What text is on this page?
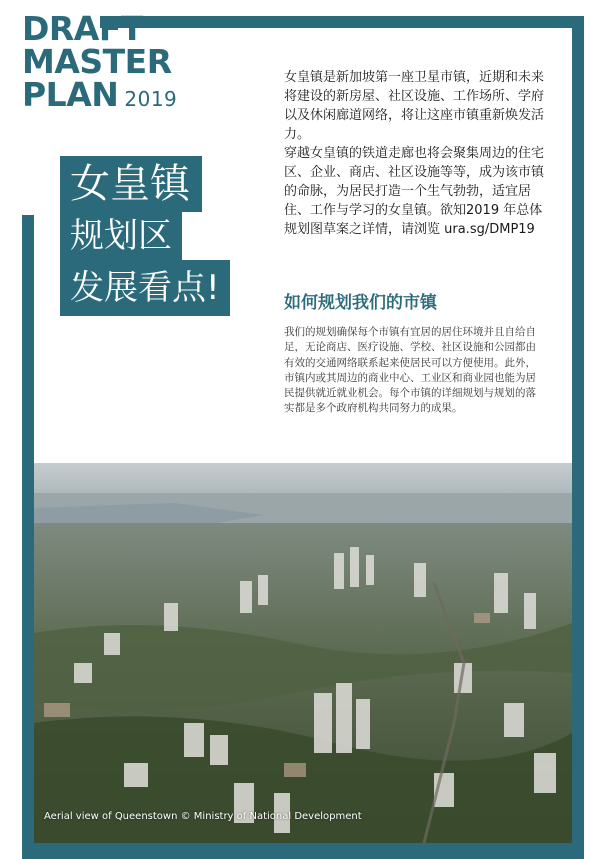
DRAFT
MASTER
PLAN 2019
女皇镇
规划区
发展看点!

女皇镇是新加坡第一座卫星市镇，近期和未来将建设的新房屋、社区设施、工作场所、学府以及休闲廊道网络，将让这座市镇重新焕发活力。

穿越女皇镇的铁道走廊也将会聚集周边的住宅区、企业、商店、社区设施等等，成为该市镇的命脉，为居民打造一个生气勃勃，适宜居住、工作与学习的女皇镇。欲知2019 年总体规划图草案之详情，请浏览 ura.sg/DMP19

如何规划我们的市镇
我们的规划确保每个市镇有宜居的居住环境并且自给自足，无论商店、医疗设施、学校、社区设施和公园都由有效的交通网络联系起来使居民可以方便使用。此外，市镇内或其周边的商业中心、工业区和商业园也能为居民提供就近就业机会。每个市镇的详细规划与规划的落实都是多个政府机构共同努力的成果。
Aerial view of Queenstown © Ministry of National Development
